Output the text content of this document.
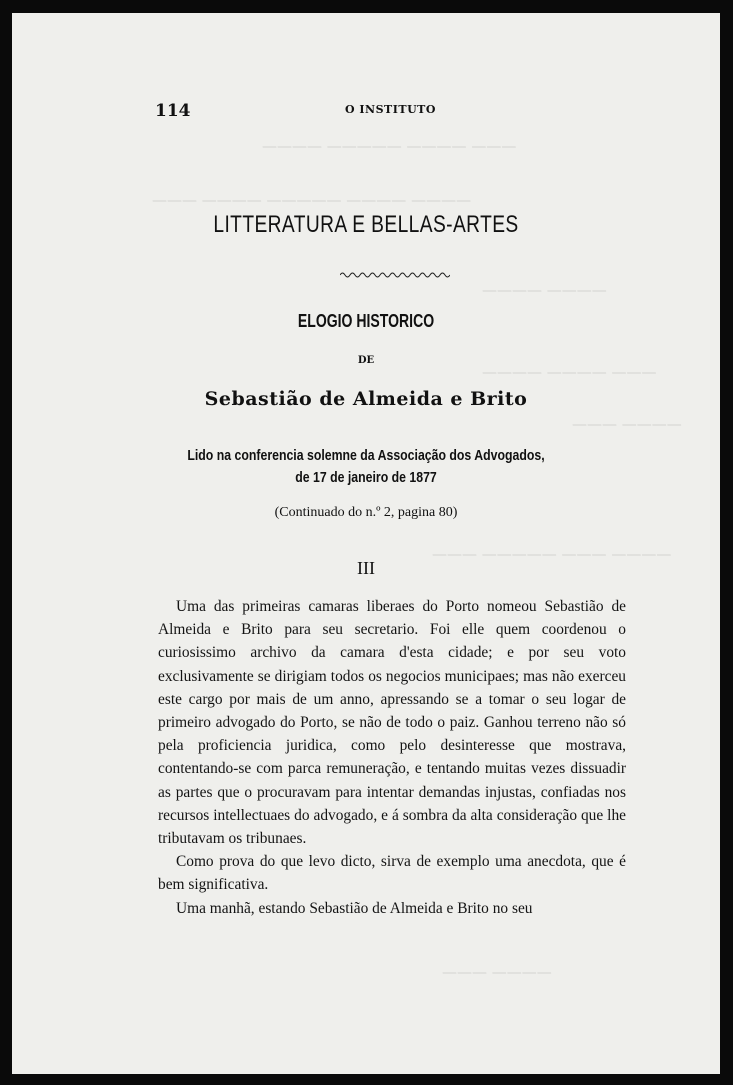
——— ———— ————— ————
———— ———— ————— ———— ———
———— ————
——— ———— ————
———— ———
———— ——— ————— ———
———— ———
114	O INSTITUTO
LITTERATURA E BELLAS-ARTES
ELOGIO HISTORICO
DE
Sebastião de Almeida e Brito
Lido na conferencia solemne da Associação dos Advogados,
de 17 de janeiro de 1877
(Continuado do n.º 2, pagina 80)
III

Uma das primeiras camaras liberaes do Porto nomeou Sebastião de Almeida e Brito para seu secretario. Foi elle quem coordenou o curiosissimo archivo da camara d'esta cidade; e por seu voto exclusivamente se dirigiam todos os negocios municipaes; mas não exerceu este cargo por mais de um anno, apressando se a tomar o seu logar de primeiro advogado do Porto, se não de todo o paiz. Ganhou terreno não só pela proficiencia juridica, como pelo desinteresse que mostrava, contentando-se com parca remuneração, e tentando muitas vezes dissuadir as partes que o procuravam para intentar demandas injustas, confiadas nos recursos intellectuaes do advogado, e á sombra da alta consideração que lhe tributavam os tribunaes.

Como prova do que levo dicto, sirva de exemplo uma anecdota, que é bem significativa.

Uma manhã, estando Sebastião de Almeida e Brito no seu
